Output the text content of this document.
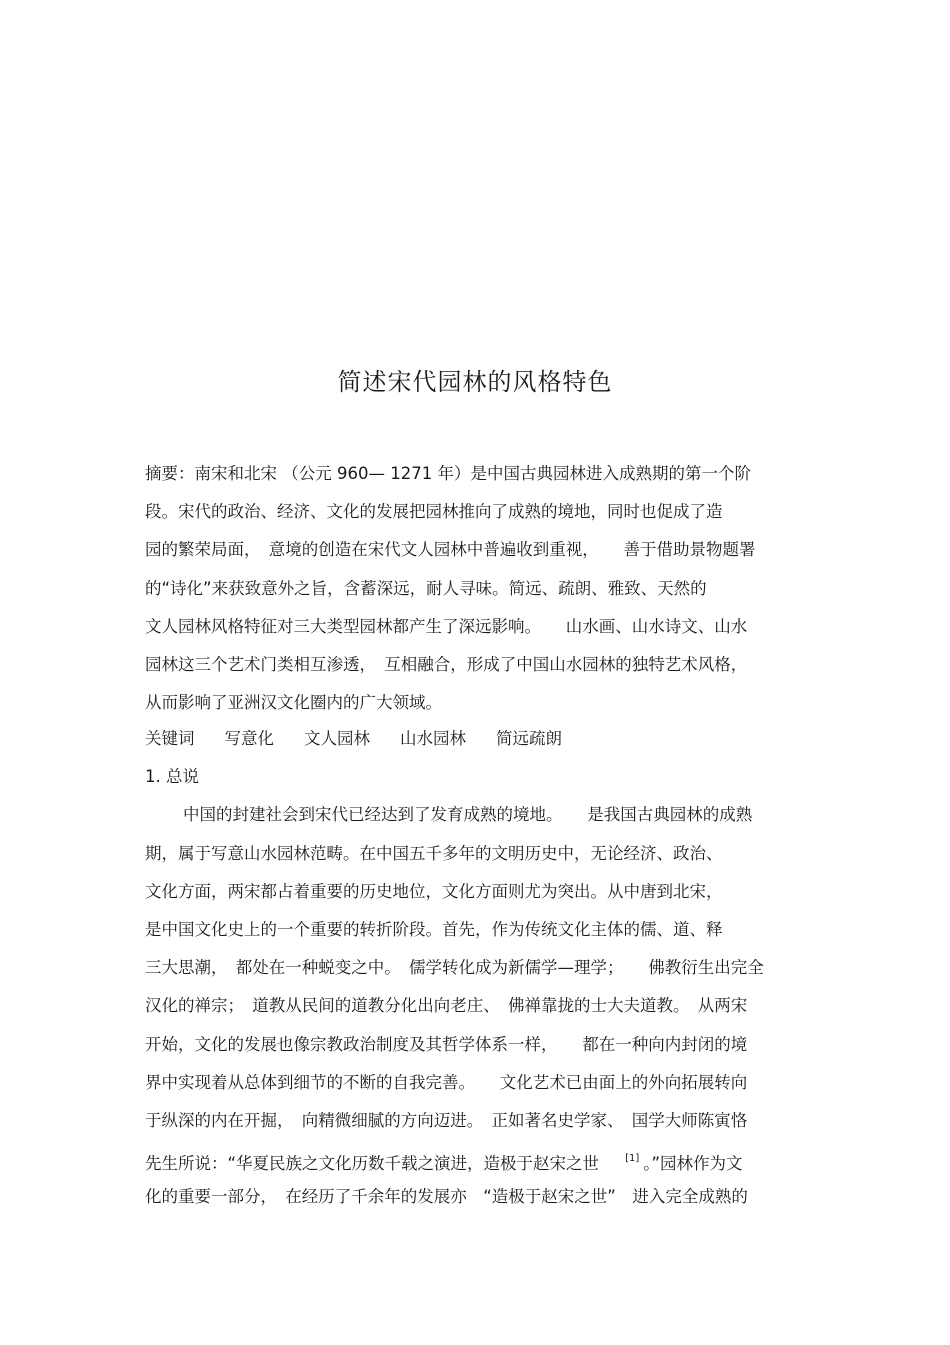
简述宋代园林的风格特色

摘要：南宋和北宋 （公元 960— 1271 年）是中国古典园林进入成熟期的第一个阶

段。宋代的政治、经济、文化的发展把园林推向了成熟的境地，同时也促成了造

园的繁荣局面，　意境的创造在宋代文人园林中普遍收到重视，　　善于借助景物题署

的“诗化”来获致意外之旨，含蓄深远，耐人寻味。简远、疏朗、雅致、天然的

文人园林风格特征对三大类型园林都产生了深远影响。　　山水画、山水诗文、山水

园林这三个艺术门类相互渗透，　互相融合，形成了中国山水园林的独特艺术风格，

从而影响了亚洲汉文化圈内的广大领域。

关键词 写意化 文人园林 山水园林 简远疏朗

1. 总说

中国的封建社会到宋代已经达到了发育成熟的境地。　　是我国古典园林的成熟

期，属于写意山水园林范畴。在中国五千多年的文明历史中，无论经济、政治、

文化方面，两宋都占着重要的历史地位，文化方面则尤为突出。从中唐到北宋，

是中国文化史上的一个重要的转折阶段。首先，作为传统文化主体的儒、道、释

三大思潮，　都处在一种蜕变之中。　儒学转化成为新儒学—理学；　　佛教衍生出完全

汉化的禅宗；　道教从民间的道教分化出向老庄、　佛禅靠拢的士大夫道教。　从两宋

开始，文化的发展也像宗教政治制度及其哲学体系一样，　　都在一种向内封闭的境

界中实现着从总体到细节的不断的自我完善。　　文化艺术已由面上的外向拓展转向

于纵深的内在开掘，　向精微细腻的方向迈进。　正如著名史学家、　国学大师陈寅恪

先生所说：“华夏民族之文化历数千载之演进，造极于赵宋之世	[1] 。”园林作为文

化的重要一部分，　在经历了千余年的发展亦　“造极于赵宋之世”　进入完全成熟的
